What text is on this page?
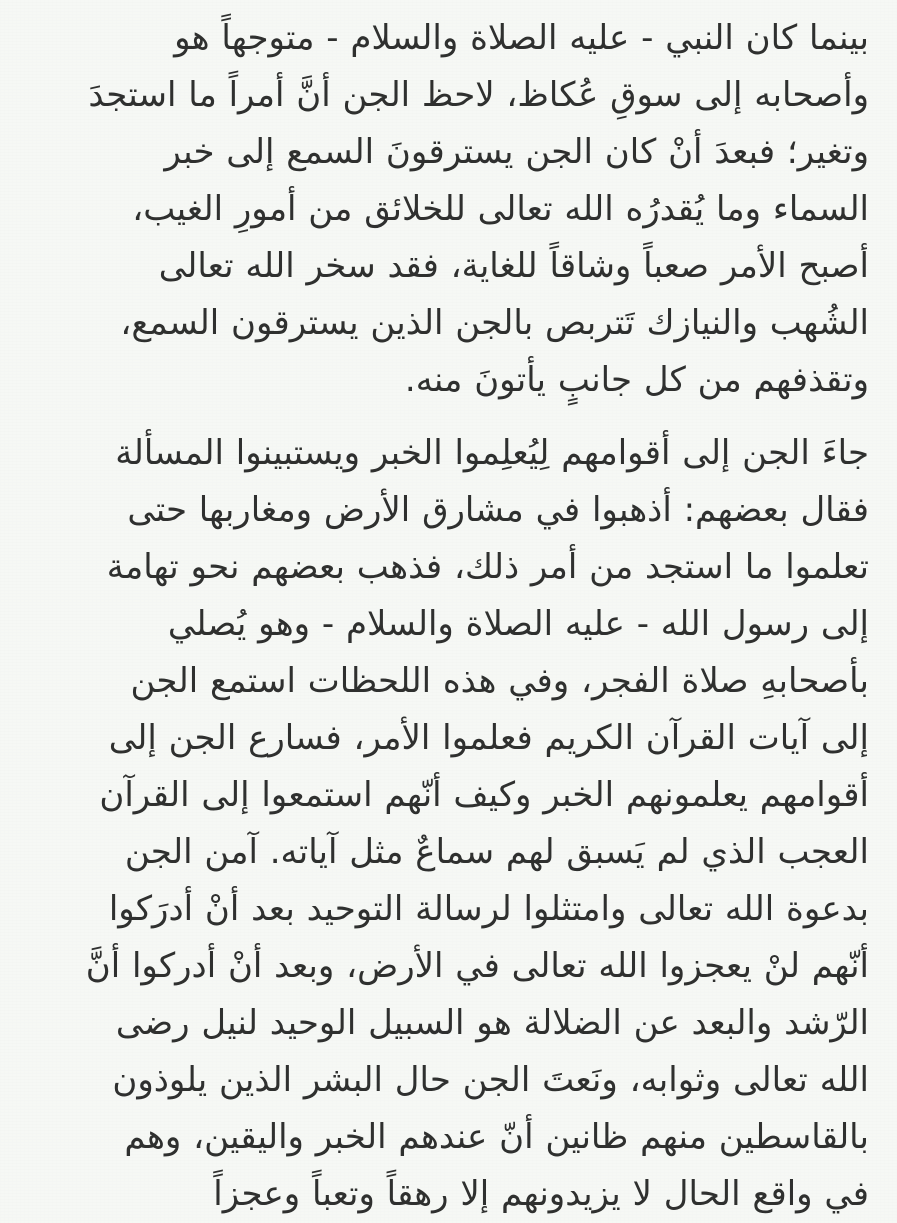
بينما كان النبي - عليه الصلاة والسلام - متوجهاً هو
وأصحابه إلى سوقِ عُكاظ، لاحظ الجن أنَّ أمراً ما استجدَ
وتغير؛ فبعدَ أنْ كان الجن يسترقونَ السمع إلى خبر
السماء وما يُقدرُه الله تعالى للخلائق من أمورِ الغيب،
أصبح الأمر صعباً وشاقاً للغاية، فقد سخر الله تعالى
الشُهب والنيازك تَتربص بالجن الذين يسترقون السمع،
وتقذفهم من كل جانبٍ يأتونَ منه.
جاءَ الجن إلى أقوامهم لِيُعلِموا الخبر ويستبينوا المسألة
فقال بعضهم: أذهبوا في مشارق الأرض ومغاربها حتى
تعلموا ما استجد من أمر ذلك، فذهب بعضهم نحو تهامة
إلى رسول الله - عليه الصلاة والسلام - وهو يُصلي
بأصحابهِ صلاة الفجر، وفي هذه اللحظات استمع الجن
إلى آيات القرآن الكريم فعلموا الأمر، فسارع الجن إلى
أقوامهم يعلمونهم الخبر وكيف أنّهم استمعوا إلى القرآن
العجب الذي لم يَسبق لهم سماعٌ مثل آياته. آمن الجن
بدعوة الله تعالى وامتثلوا لرسالة التوحيد بعد أنْ أدرَكوا
أنّهم لنْ يعجزوا الله تعالى في الأرض، وبعد أنْ أدركوا أنَّ
الرّشد والبعد عن الضلالة هو السبيل الوحيد لنيل رضى
الله تعالى وثوابه، ونَعتَ الجن حال البشر الذين يلوذون
بالقاسطين منهم ظانين أنّ عندهم الخبر واليقين، وهم
في واقع الحال لا يزيدونهم إلا رهقاً وتعباً وعجزاً
